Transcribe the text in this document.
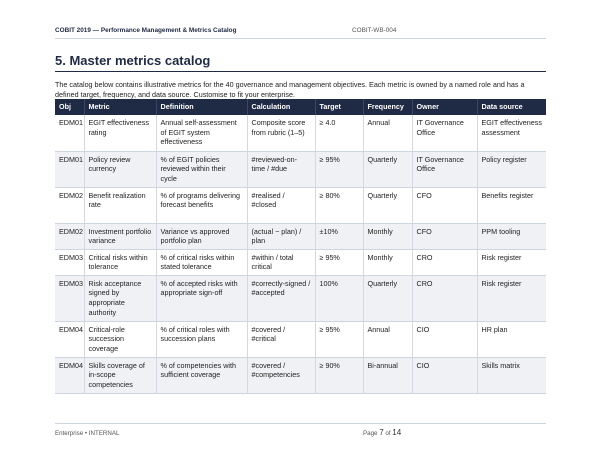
COBIT 2019 — Performance Management & Metrics Catalog	COBIT-WB-004
5. Master metrics catalog
The catalog below contains illustrative metrics for the 40 governance and management objectives. Each metric is owned by a named role and has a defined target, frequency, and data source. Customise to fit your enterprise.
Obj	Metric	Definition	Calculation	Target	Frequency	Owner	Data source
EDM01	EGIT effectiveness rating	Annual self-assessment of EGIT system effectiveness	Composite score from rubric (1–5)	≥ 4.0	Annual	IT Governance Office	EGIT effectiveness assessment
EDM01	Policy review currency	% of EGIT policies reviewed within their cycle	#reviewed-on-time / #due	≥ 95%	Quarterly	IT Governance Office	Policy register
EDM02	Benefit realization rate	% of programs delivering forecast benefits	#realised / #closed	≥ 80%	Quarterly	CFO	Benefits register
EDM02	Investment portfolio variance	Variance vs approved portfolio plan	(actual − plan) / plan	±10%	Monthly	CFO	PPM tooling
EDM03	Critical risks within tolerance	% of critical risks within stated tolerance	#within / total critical	≥ 95%	Monthly	CRO	Risk register
EDM03	Risk acceptance signed by appropriate authority	% of accepted risks with appropriate sign-off	#correctly-signed / #accepted	100%	Quarterly	CRO	Risk register
EDM04	Critical-role succession coverage	% of critical roles with succession plans	#covered / #critical	≥ 95%	Annual	CIO	HR plan
EDM04	Skills coverage of in-scope competencies	% of competencies with sufficient coverage	#covered / #competencies	≥ 90%	Bi-annual	CIO	Skills matrix
Enterprise • INTERNAL	Page 7 of 14
